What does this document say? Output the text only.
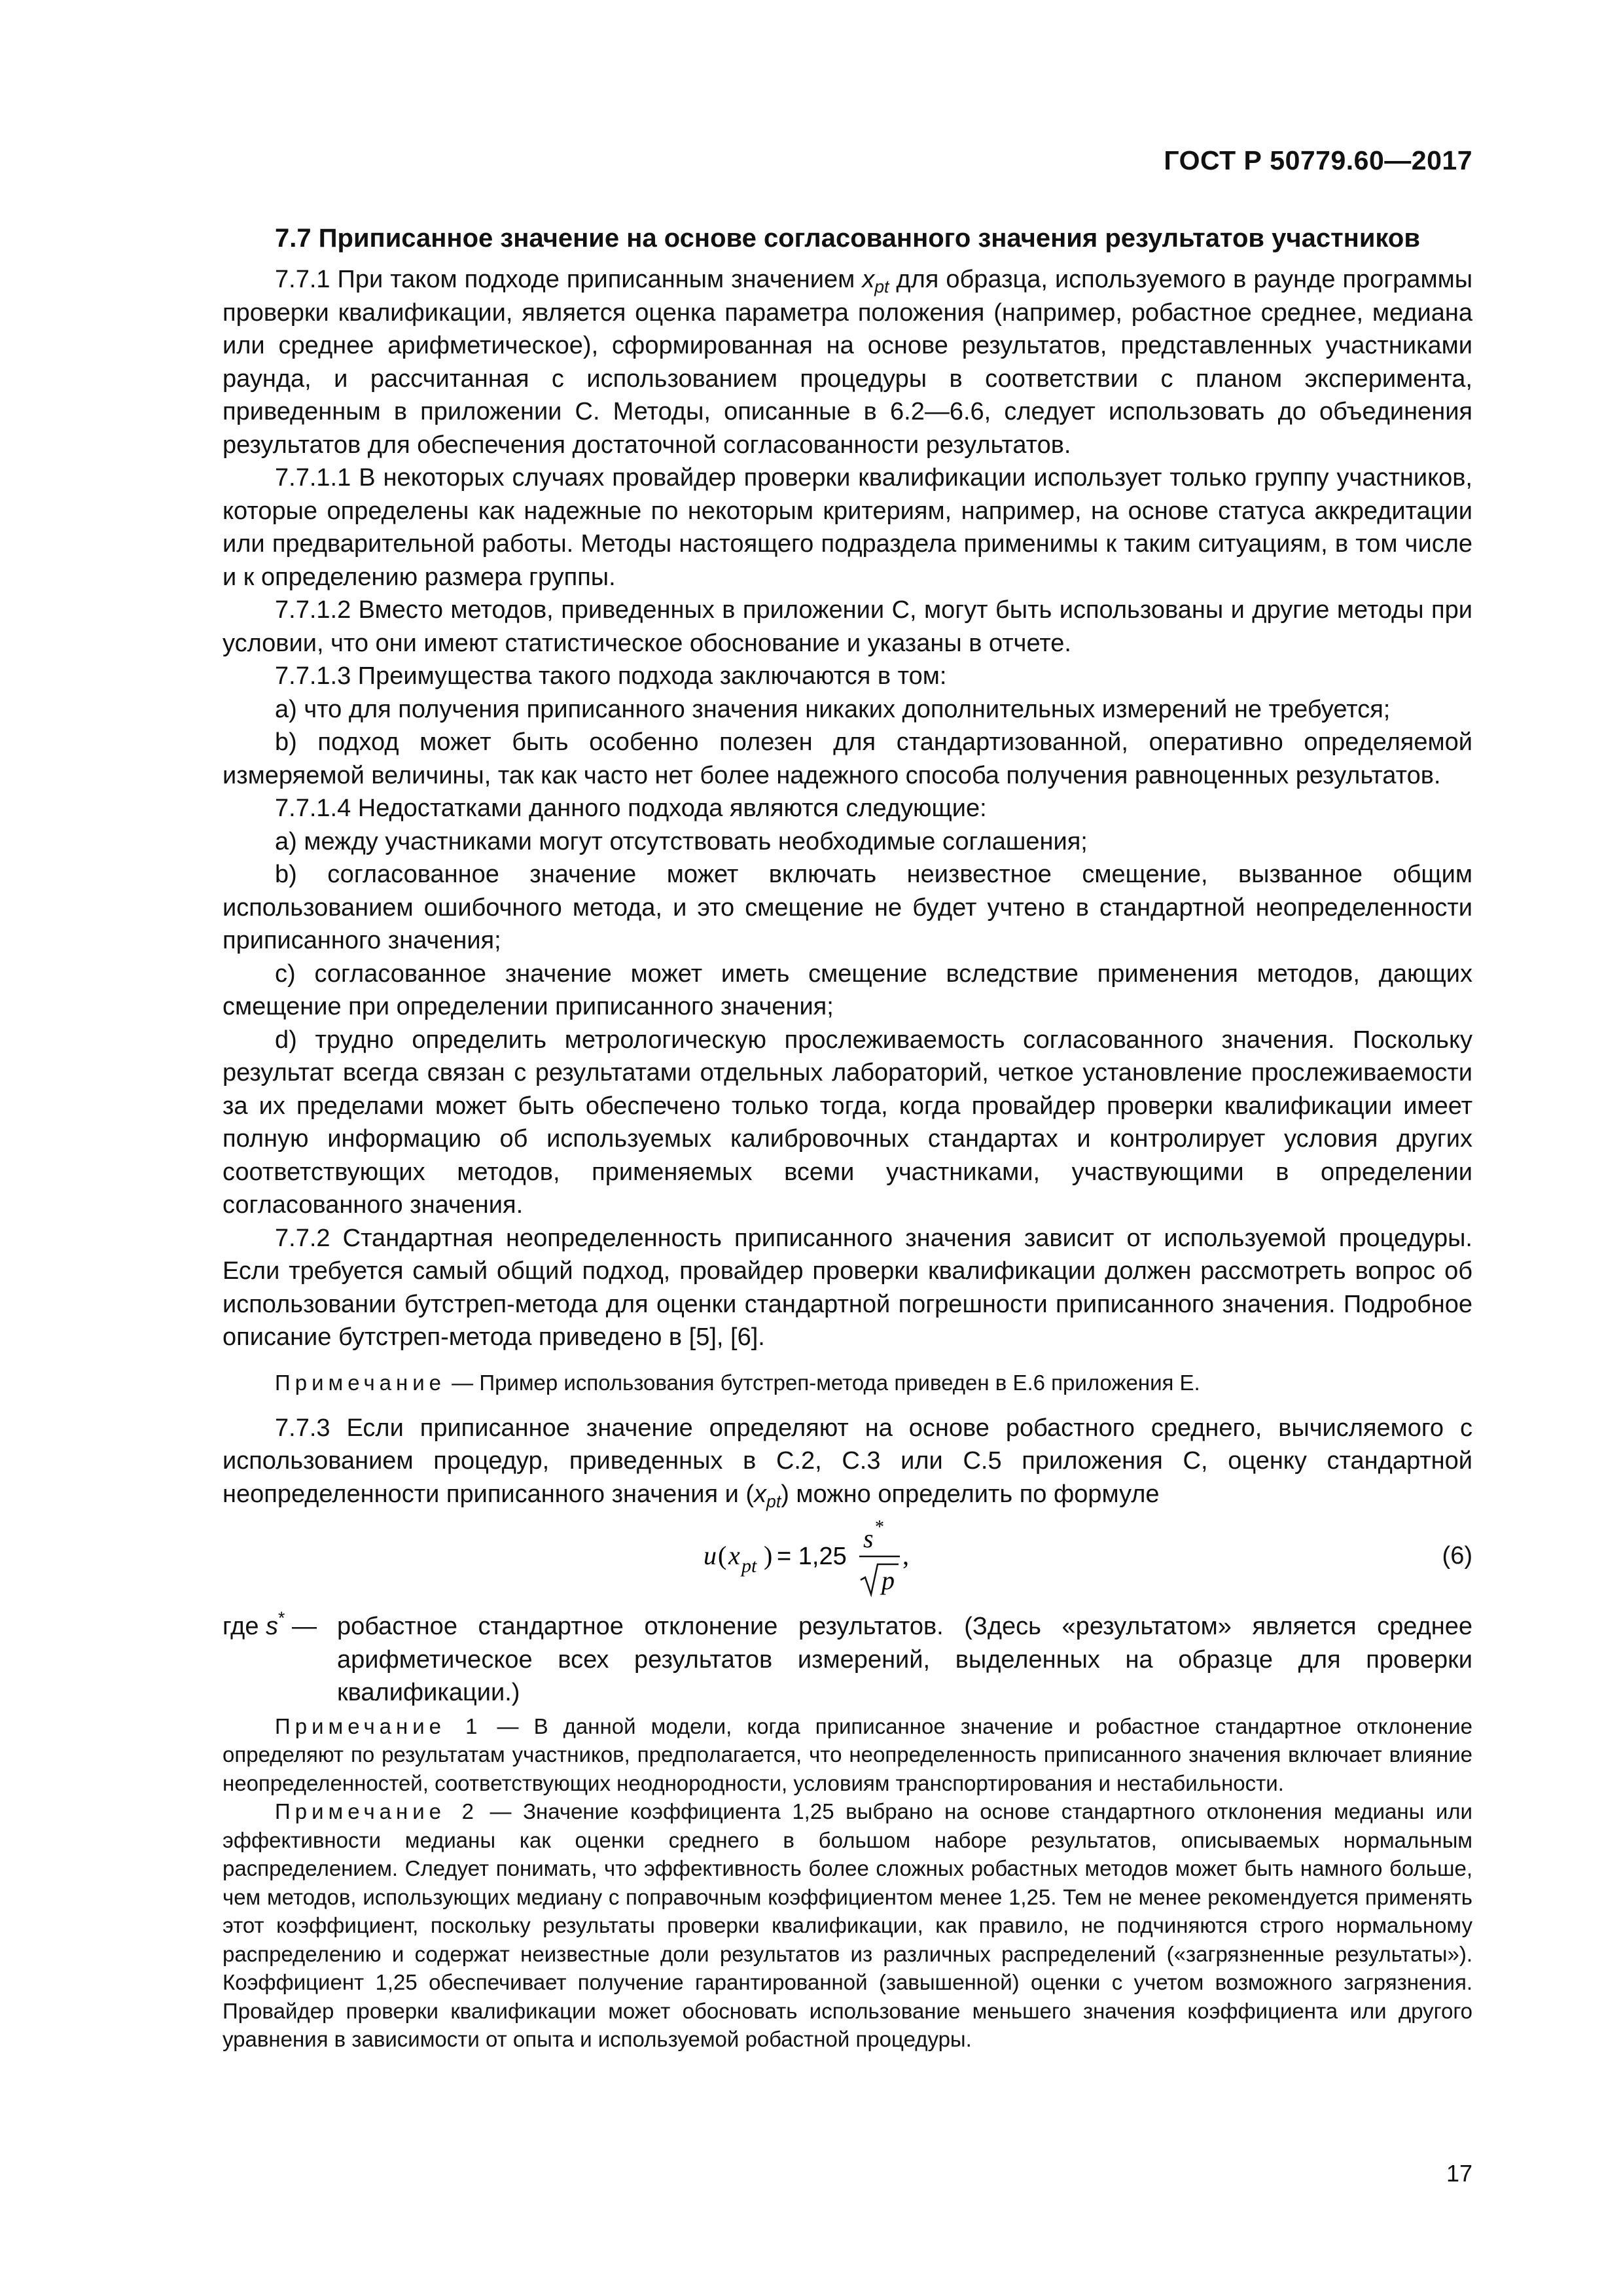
ГОСТ Р 50779.60—2017
7.7 Приписанное значение на основе согласованного значения результатов участников

7.7.1 При таком подходе приписанным значением $x_{pt}$ для образца, используемого в раунде программы проверки квалификации, является оценка параметра положения (например, робастное среднее, медиана или среднее арифметическое), сформированная на основе результатов, представленных участниками раунда, и рассчитанная с использованием процедуры в соответствии с планом эксперимента, приведенным в приложении С. Методы, описанные в 6.2—6.6, следует использовать до объединения результатов для обеспечения достаточной согласованности результатов.

7.7.1.1 В некоторых случаях провайдер проверки квалификации использует только группу участников, которые определены как надежные по некоторым критериям, например, на основе статуса аккредитации или предварительной работы. Методы настоящего подраздела применимы к таким ситуациям, в том числе и к определению размера группы.

7.7.1.2 Вместо методов, приведенных в приложении С, могут быть использованы и другие методы при условии, что они имеют статистическое обоснование и указаны в отчете.

7.7.1.3 Преимущества такого подхода заключаются в том:

a) что для получения приписанного значения никаких дополнительных измерений не требуется;

b) подход может быть особенно полезен для стандартизованной, оперативно определяемой измеряемой величины, так как часто нет более надежного способа получения равноценных результатов.

7.7.1.4 Недостатками данного подхода являются следующие:

a) между участниками могут отсутствовать необходимые соглашения;

b) согласованное значение может включать неизвестное смещение, вызванное общим использованием ошибочного метода, и это смещение не будет учтено в стандартной неопределенности приписанного значения;

c) согласованное значение может иметь смещение вследствие применения методов, дающих смещение при определении приписанного значения;

d) трудно определить метрологическую прослеживаемость согласованного значения. Поскольку результат всегда связан с результатами отдельных лабораторий, четкое установление прослеживаемости за их пределами может быть обеспечено только тогда, когда провайдер проверки квалификации имеет полную информацию об используемых калибровочных стандартах и контролирует условия других соответствующих методов, применяемых всеми участниками, участвующими в определении согласованного значения.

7.7.2 Стандартная неопределенность приписанного значения зависит от используемой процедуры. Если требуется самый общий подход, провайдер проверки квалификации должен рассмотреть вопрос об использовании бутстреп-метода для оценки стандартной погрешности приписанного значения. Подробное описание бутстреп-метода приведено в [5], [6].

Примечание — Пример использования бутстреп-метода приведен в Е.6 приложения Е.

7.7.3 Если приписанное значение определяют на основе робастного среднего, вычисляемого с использованием процедур, приведенных в С.2, С.3 или С.5 приложения С, оценку стандартной неопределенности приписанного значения и $(x_{pt})$ можно определить по формуле

u ( x pt ) = 1,25
s *
p
,	(6)
где s* — робастное стандартное отклонение результатов. (Здесь «результатом» является среднее арифметическое всех результатов измерений, выделенных на образце для проверки квалификации.)

Примечание 1 — В данной модели, когда приписанное значение и робастное стандартное отклонение определяют по результатам участников, предполагается, что неопределенность приписанного значения включает влияние неопределенностей, соответствующих неоднородности, условиям транспортирования и нестабильности.

Примечание 2 — Значение коэффициента 1,25 выбрано на основе стандартного отклонения медианы или эффективности медианы как оценки среднего в большом наборе результатов, описываемых нормальным распределением. Следует понимать, что эффективность более сложных робастных методов может быть намного больше, чем методов, использующих медиану с поправочным коэффициентом менее 1,25. Тем не менее рекомендуется применять этот коэффициент, поскольку результаты проверки квалификации, как правило, не подчиняются строго нормальному распределению и содержат неизвестные доли результатов из различных распределений («загрязненные результаты»). Коэффициент 1,25 обеспечивает получение гарантированной (завышенной) оценки с учетом возможного загрязнения. Провайдер проверки квалификации может обосновать использование меньшего значения коэффициента или другого уравнения в зависимости от опыта и используемой робастной процедуры.

17
